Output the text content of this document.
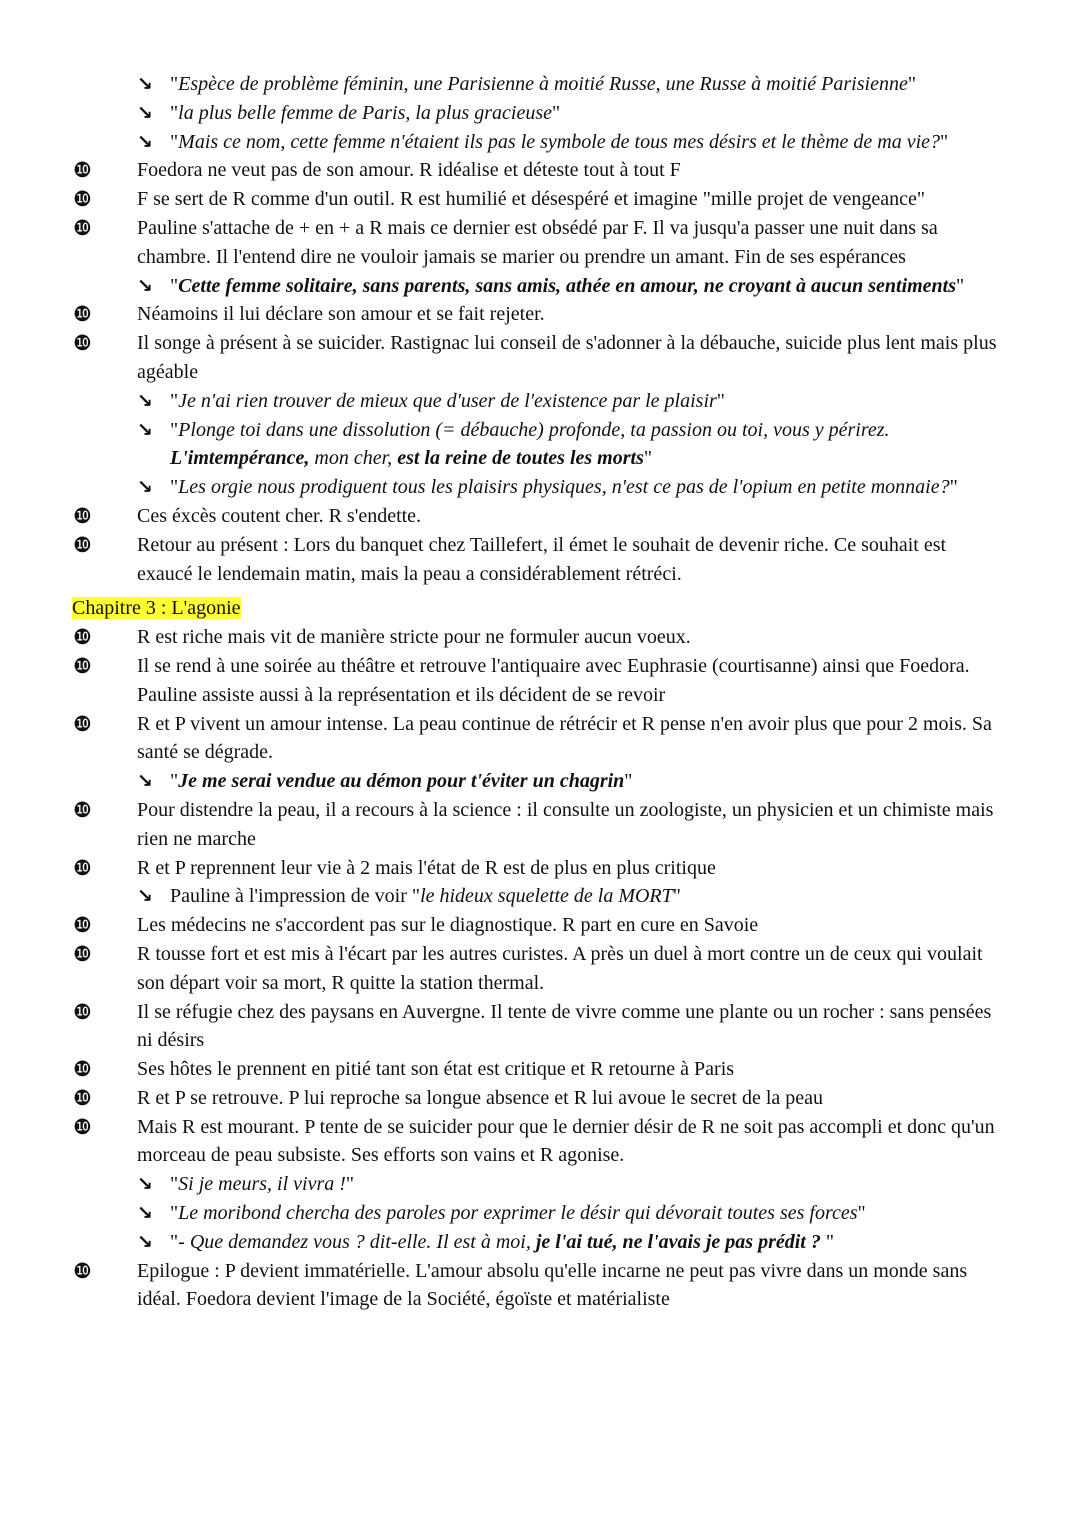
↘ "Espèce de problème féminin, une Parisienne à moitié Russe, une Russe à moitié Parisienne"
↘ "la plus belle femme de Paris, la plus gracieuse"
↘ "Mais ce nom, cette femme n'étaient ils pas le symbole de tous mes désirs et le thème de ma vie?"
❿ Foedora ne veut pas de son amour. R idéalise et déteste tout à tout F
❿ F se sert de R comme d'un outil. R est humilié et désespéré et imagine "mille projet de vengeance"
❿ Pauline s'attache de + en + a R mais ce dernier est obsédé par F. Il va jusqu'a passer une nuit dans sa chambre. Il l'entend dire ne vouloir jamais se marier ou prendre un amant. Fin de ses espérances
↘ "Cette femme solitaire, sans parents, sans amis, athée en amour, ne croyant à aucun sentiments"
❿ Néamoins il lui déclare son amour et se fait rejeter.
❿ Il songe à présent à se suicider. Rastignac lui conseil de s'adonner à la débauche, suicide plus lent mais plus agéable
↘ "Je n'ai rien trouver de mieux que d'user de l'existence par le plaisir"
↘ "Plonge toi dans une dissolution (= débauche) profonde, ta passion ou toi, vous y périrez. L'imtempérance, mon cher, est la reine de toutes les morts"
↘ "Les orgie nous prodiguent tous les plaisirs physiques, n'est ce pas de l'opium en petite monnaie?"
❿ Ces éxcès coutent cher. R s'endette.
❿ Retour au présent : Lors du banquet chez Taillefert, il émet le souhait de devenir riche. Ce souhait est exaucé le lendemain matin, mais la peau a considérablement rétréci.
Chapitre 3 : L'agonie
❿ R est riche mais vit de manière stricte pour ne formuler aucun voeux.
❿ Il se rend à une soirée au théâtre et retrouve l'antiquaire avec Euphrasie (courtisanne) ainsi que Foedora. Pauline assiste aussi à la représentation et ils décident de se revoir
❿ R et P vivent un amour intense. La peau continue de rétrécir et R pense n'en avoir plus que pour 2 mois. Sa santé se dégrade.
↘ "Je me serai vendue au démon pour t'éviter un chagrin"
❿ Pour distendre la peau, il a recours à la science : il consulte un zoologiste, un physicien et un chimiste mais rien ne marche
❿ R et P reprennent leur vie à 2 mais l'état de R est de plus en plus critique
↘ Pauline à l'impression de voir "le hideux squelette de la MORT"
❿ Les médecins ne s'accordent pas sur le diagnostique. R part en cure en Savoie
❿ R tousse fort et est mis à l'écart par les autres curistes. A près un duel à mort contre un de ceux qui voulait son départ voir sa mort, R quitte la station thermal.
❿ Il se réfugie chez des paysans en Auvergne. Il tente de vivre comme une plante ou un rocher : sans pensées ni désirs
❿ Ses hôtes le prennent en pitié tant son état est critique et R retourne à Paris
❿ R et P se retrouve. P lui reproche sa longue absence et R lui avoue le secret de la peau
❿ Mais R est mourant. P tente de se suicider pour que le dernier désir de R ne soit pas accompli et donc qu'un morceau de peau subsiste. Ses efforts son vains et R agonise.
↘ "Si je meurs, il vivra !"
↘ "Le moribond chercha des paroles por exprimer le désir qui dévorait toutes ses forces"
↘ "- Que demandez vous ? dit-elle. Il est à moi, je l'ai tué, ne l'avais je pas prédit ? "
❿ Epilogue : P devient immatérielle. L'amour absolu qu'elle incarne ne peut pas vivre dans un monde sans idéal. Foedora devient l'image de la Société, égoïste et matérialiste
